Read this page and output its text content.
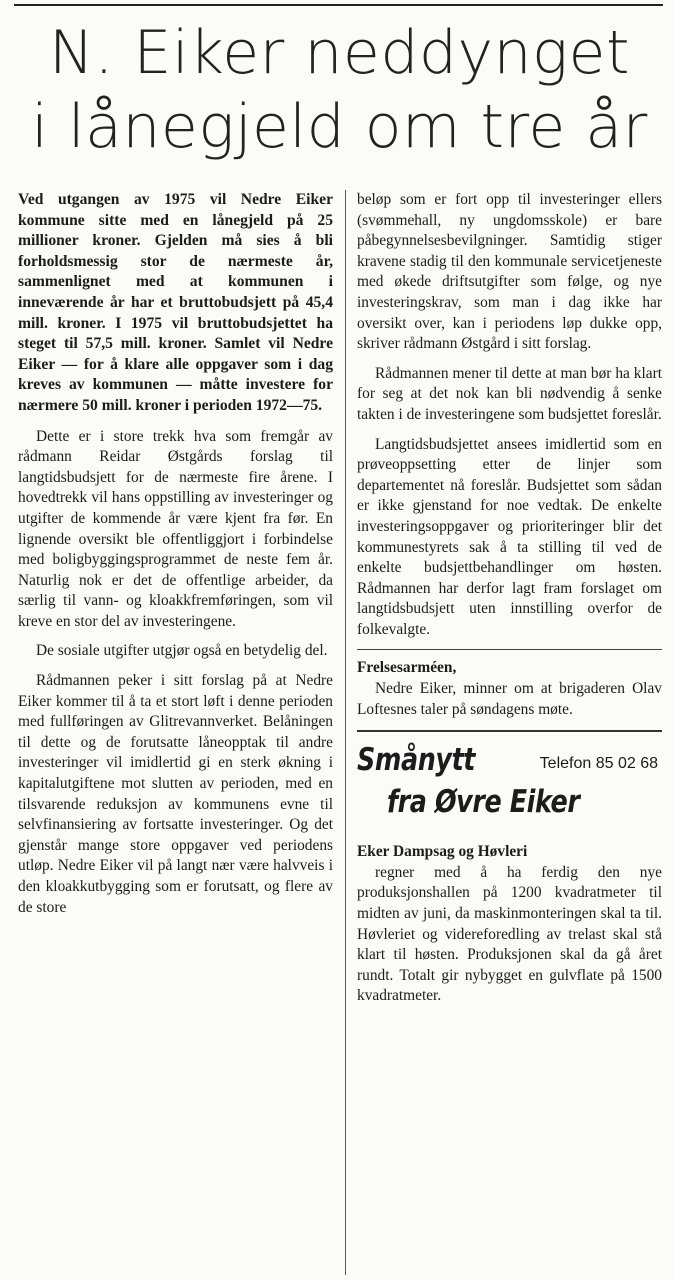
N. Eiker neddynget
i lånegjeld om tre år

Ved utgangen av 1975 vil Nedre Eiker kommune sitte med en lånegjeld på 25 millioner kroner. Gjelden må sies å bli forholdsmessig stor de nærmeste år, sammenlignet med at kommunen i inneværende år har et bruttobudsjett på 45,4 mill. kroner. I 1975 vil bruttobudsjettet ha steget til 57,5 mill. kroner. Samlet vil Nedre Eiker — for å klare alle oppgaver som i dag kreves av kommunen — måtte investere for nærmere 50 mill. kroner i perioden 1972—75.

Dette er i store trekk hva som fremgår av rådmann Reidar Østgårds forslag til langtidsbudsjett for de nærmeste fire årene. I hovedtrekk vil hans oppstilling av investeringer og utgifter de kommende år være kjent fra før. En lignende oversikt ble offentliggjort i forbindelse med boligbyggingsprogrammet de neste fem år. Naturlig nok er det de offentlige arbeider, da særlig til vann- og kloakkfremføringen, som vil kreve en stor del av investeringene.

De sosiale utgifter utgjør også en betydelig del.

Rådmannen peker i sitt forslag på at Nedre Eiker kommer til å ta et stort løft i denne perioden med fullføringen av Glitrevannverket. Belåningen til dette og de forutsatte låneopptak til andre investeringer vil imidlertid gi en sterk økning i kapitalutgiftene mot slutten av perioden, med en tilsvarende reduksjon av kommunens evne til selvfinansiering av fortsatte investeringer. Og det gjenstår mange store oppgaver ved periodens utløp. Nedre Eiker vil på langt nær være halvveis i den kloakkutbygging som er forutsatt, og flere av de store

beløp som er fort opp til investeringer ellers (svømmehall, ny ungdomsskole) er bare påbegynnelsesbevilgninger. Samtidig stiger kravene stadig til den kommunale servicetjeneste med økede driftsutgifter som følge, og nye investeringskrav, som man i dag ikke har oversikt over, kan i periodens løp dukke opp, skriver rådmann Østgård i sitt forslag.

Rådmannen mener til dette at man bør ha klart for seg at det nok kan bli nødvendig å senke takten i de investeringene som budsjettet foreslår.

Langtidsbudsjettet ansees imidlertid som en prøveoppsetting etter de linjer som departementet nå foreslår. Budsjettet som sådan er ikke gjenstand for noe vedtak. De enkelte investeringsoppgaver og prioriteringer blir det kommunestyrets sak å ta stilling til ved de enkelte budsjettbehandlinger om høsten. Rådmannen har derfor lagt fram forslaget om langtidsbudsjett uten innstilling overfor de folkevalgte.

Frelsesarméen,

Nedre Eiker, minner om at brigaderen Olav Loftesnes taler på søndagens møte.

Smånytt	Telefon 85 02 68
fra Øvre Eiker

Eker Dampsag og Høvleri

regner med å ha ferdig den nye produksjonshallen på 1200 kvadratmeter til midten av juni, da maskinmonteringen skal ta til. Høvleriet og videreforedling av trelast skal stå klart til høsten. Produksjonen skal da gå året rundt. Totalt gir nybygget en gulvflate på 1500 kvadratmeter.
